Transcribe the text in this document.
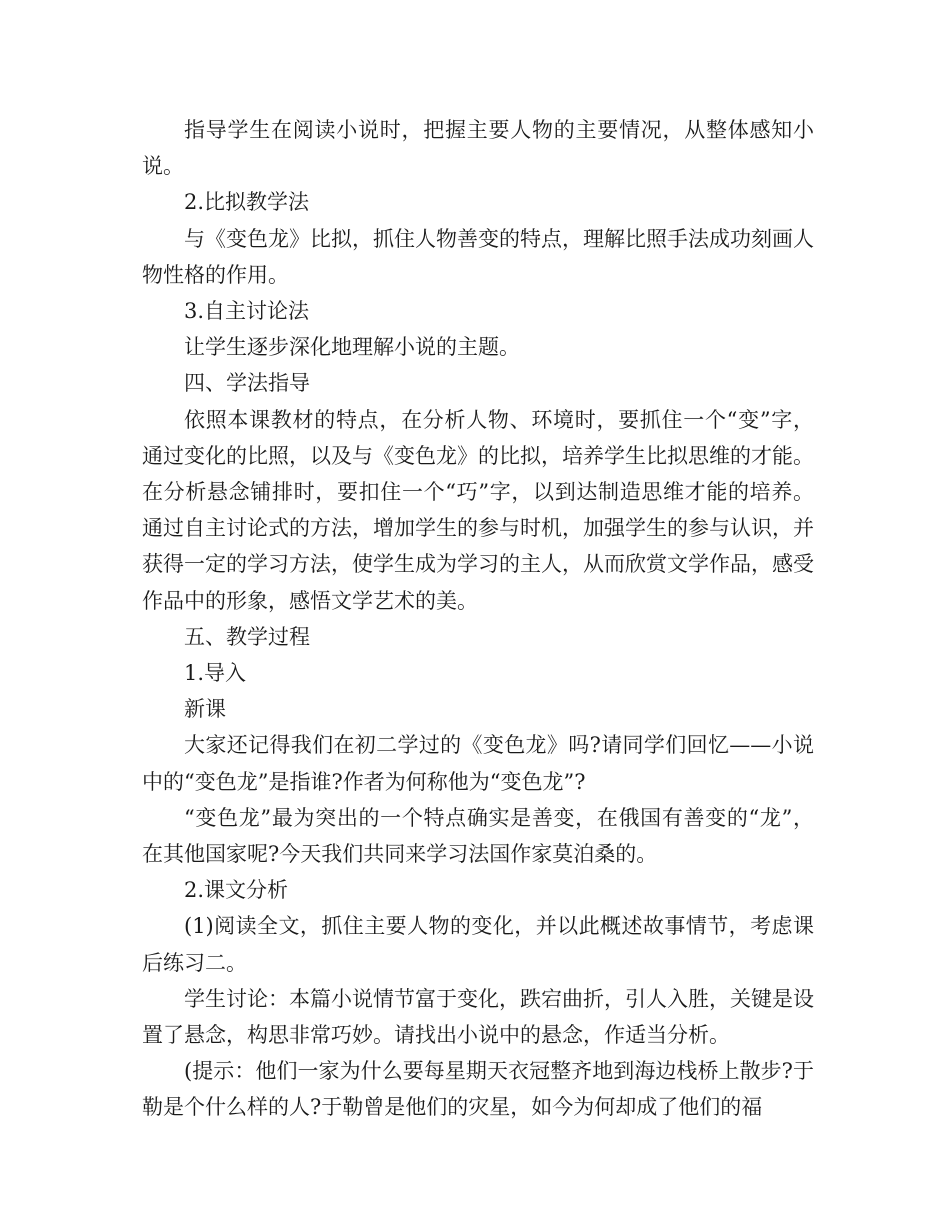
指导学生在阅读小说时，把握主要人物的主要情况，从整体感知小说。

2.比拟教学法

与《变色龙》比拟，抓住人物善变的特点，理解比照手法成功刻画人物性格的作用。

3.自主讨论法

让学生逐步深化地理解小说的主题。

四、学法指导

依照本课教材的特点，在分析人物、环境时，要抓住一个“变”字，通过变化的比照，以及与《变色龙》的比拟，培养学生比拟思维的才能。在分析悬念铺排时，要扣住一个“巧”字，以到达制造思维才能的培养。通过自主讨论式的方法，增加学生的参与时机，加强学生的参与认识，并获得一定的学习方法，使学生成为学习的主人，从而欣赏文学作品，感受作品中的形象，感悟文学艺术的美。

五、教学过程

1.导入

新课

大家还记得我们在初二学过的《变色龙》吗?请同学们回忆——小说中的“变色龙”是指谁?作者为何称他为“变色龙”?

“变色龙”最为突出的一个特点确实是善变，在俄国有善变的“龙”，在其他国家呢?今天我们共同来学习法国作家莫泊桑的。

2.课文分析

(1)阅读全文，抓住主要人物的变化，并以此概述故事情节，考虑课后练习二。

学生讨论：本篇小说情节富于变化，跌宕曲折，引人入胜，关键是设置了悬念，构思非常巧妙。请找出小说中的悬念，作适当分析。

(提示：他们一家为什么要每星期天衣冠整齐地到海边栈桥上散步?于勒是个什么样的人?于勒曾是他们的灾星，如今为何却成了他们的福
